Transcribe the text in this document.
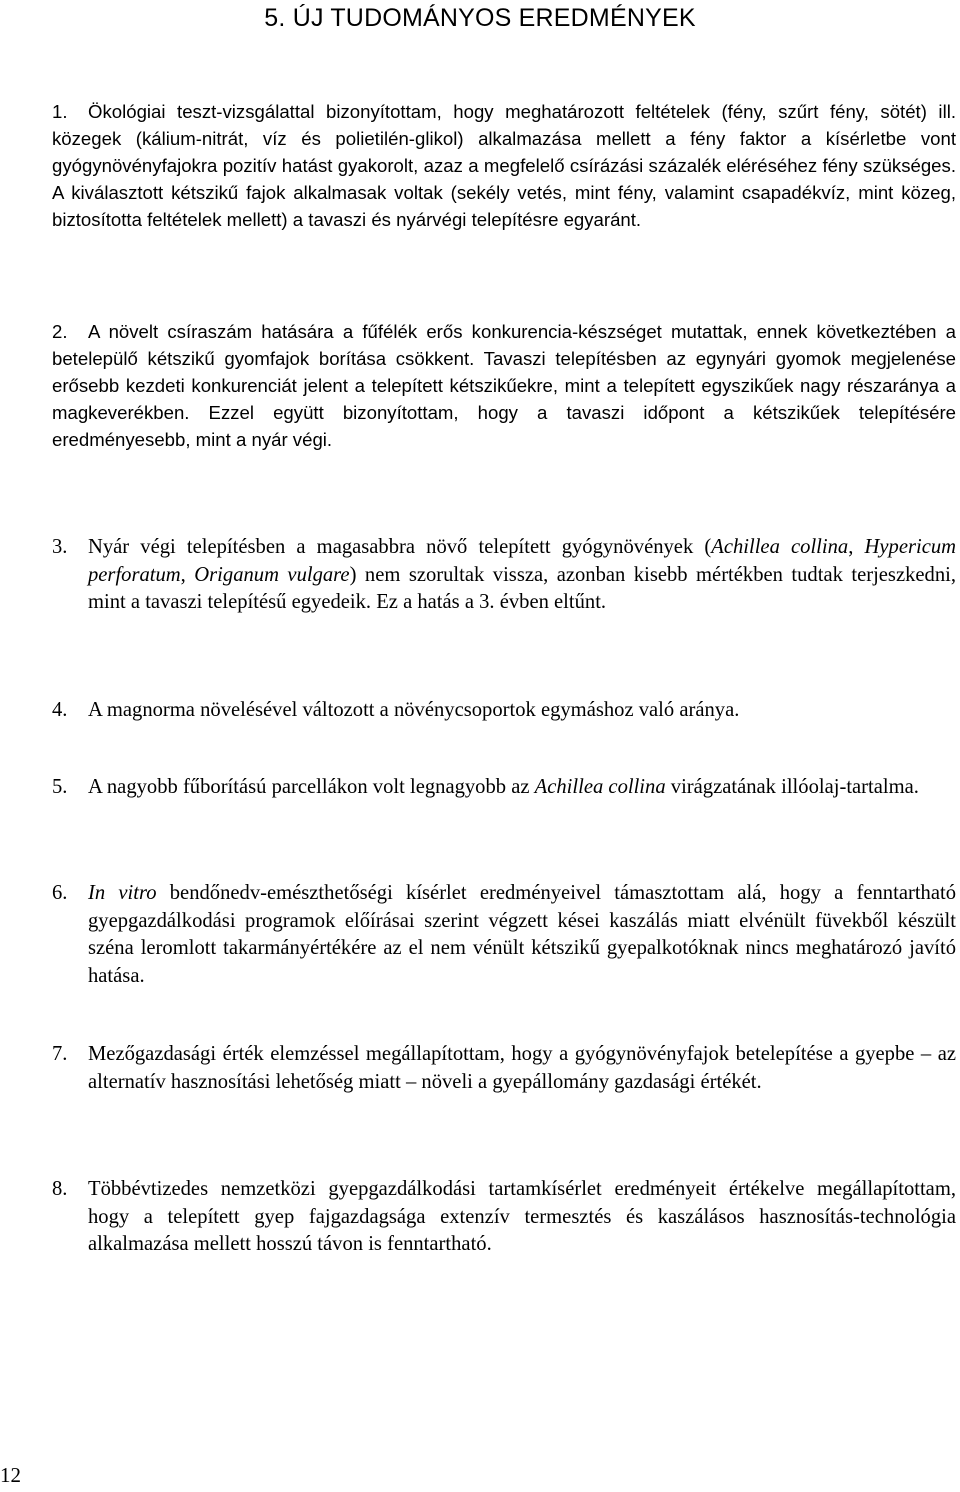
5. ÚJ TUDOMÁNYOS EREDMÉNYEK
1.	Ökológiai teszt-vizsgálattal bizonyítottam, hogy meghatározott feltételek (fény, szűrt fény, sötét) ill. közegek (kálium-nitrát, víz és polietilén-glikol) alkalmazása mellett a fény faktor a kísérletbe vont gyógynövényfajokra pozitív hatást gyakorolt, azaz a megfelelő csírázási százalék eléréséhez fény szükséges. A kiválasztott kétszikű fajok alkalmasak voltak (sekély vetés, mint fény, valamint csapadékvíz, mint közeg, biztosította feltételek mellett) a tavaszi és nyárvégi telepítésre egyaránt.
2.	A növelt csíraszám hatására a fűfélék erős konkurencia-készséget mutattak, ennek következtében a betelepülő kétszikű gyomfajok borítása csökkent. Tavaszi telepítésben az egynyári gyomok megjelenése erősebb kezdeti konkurenciát jelent a telepített kétszikűekre, mint a telepített egyszikűek nagy részaránya a magkeverékben. Ezzel együtt bizonyítottam, hogy a tavaszi időpont a kétszikűek telepítésére eredményesebb, mint a nyár végi.
3. Nyár végi telepítésben a magasabbra növő telepített gyógynövények (Achillea collina, Hypericum perforatum, Origanum vulgare) nem szorultak vissza, azonban kisebb mértékben tudtak terjeszkedni, mint a tavaszi telepítésű egyedeik. Ez a hatás a 3. évben eltűnt.
4. A magnorma növelésével változott a növénycsoportok egymáshoz való aránya.
5. A nagyobb fűborítású parcellákon volt legnagyobb az Achillea collina virágzatának illóolaj-tartalma.
6. In vitro bendőnedv-emészthetőségi kísérlet eredményeivel támasztottam alá, hogy a fenntartható gyepgazdálkodási programok előírásai szerint végzett kései kaszálás miatt elvénült füvekből készült széna leromlott takarmányértékére az el nem vénült kétszikű gyepalkotóknak nincs meghatározó javító hatása.
7. Mezőgazdasági érték elemzéssel megállapítottam, hogy a gyógynövényfajok betelepítése a gyepbe – az alternatív hasznosítási lehetőség miatt – növeli a gyepállomány gazdasági értékét.
8. Többévtizedes nemzetközi gyepgazdálkodási tartamkísérlet eredményeit értékelve megállapítottam, hogy a telepített gyep fajgazdagsága extenzív termesztés és kaszálásos hasznosítás-technológia alkalmazása mellett hosszú távon is fenntartható.
12
